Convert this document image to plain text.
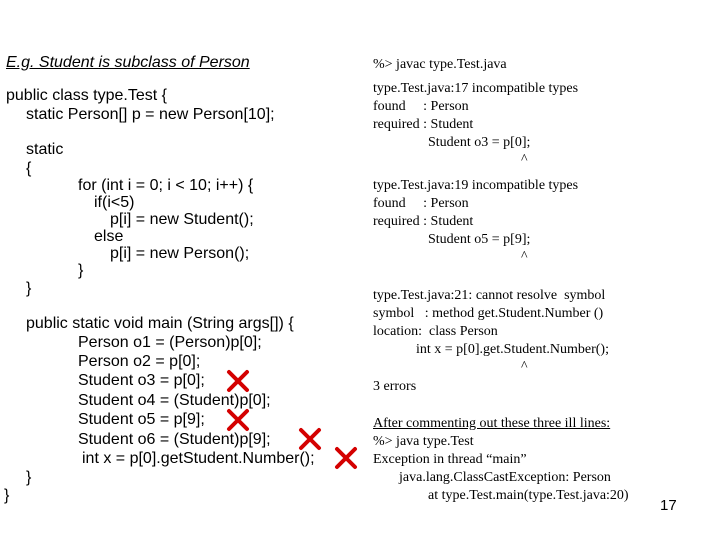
E.g. Student is subclass of Person
public class type.Test {
static Person[] p = new Person[10];
static
{
for (int i = 0; i < 10; i++) {
if(i<5)
p[i] = new Student();
else
p[i] = new Person();
}
}
public static void main (String args[]) {
Person o1 = (Person)p[0];
Person o2 = p[0];
Student o3 = p[0];
Student o4 = (Student)p[0];
Student o5 = p[9];
Student o6 = (Student)p[9];
int x = p[0].getStudent.Number();
}
}
%> javac type.Test.java
type.Test.java:17 incompatible types
found     : Person
required : Student
Student o3 = p[0];
^
type.Test.java:19 incompatible types
found     : Person
required : Student
Student o5 = p[9];
^
type.Test.java:21: cannot resolve  symbol
symbol   : method get.Student.Number ()
location:  class Person
int x = p[0].get.Student.Number();
^
3 errors
After commenting out these three ill lines:
%> java type.Test
Exception in thread “main”
java.lang.ClassCastException: Person
at type.Test.main(type.Test.java:20)
17
